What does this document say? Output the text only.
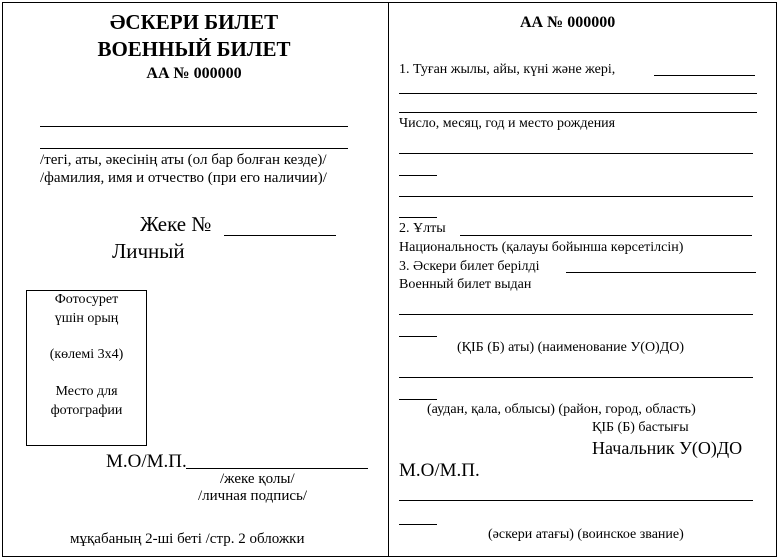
ӘСКЕРИ БИЛЕТ
ВОЕННЫЙ БИЛЕТ
АА № 000000
/тегі, аты, әкесінің аты (ол бар болған кезде)/
/фамилия, имя и отчество (при его наличии)/
Жеке №
Личный
Фотосурет
үшін орың
(көлемі 3х4)
Место для
фотографии
М.О/М.П.
/жеке қолы/
/личная подпись/
мұқабаның 2-ші беті /стр. 2 обложки
АА № 000000
1. Туған жылы, айы, күні және жері,
Число, месяц, год и место рождения
2. Ұлты
Национальность (қалауы бойынша көрсетілсін)
3. Әскери билет берілді
Военный билет выдан
(ҚІБ (Б) аты) (наименование У(О)ДО)
(аудан, қала, облысы) (район, город, область)
ҚІБ (Б) бастығы
Начальник У(О)ДО
М.О/М.П.
(әскери атағы) (воинское звание)
